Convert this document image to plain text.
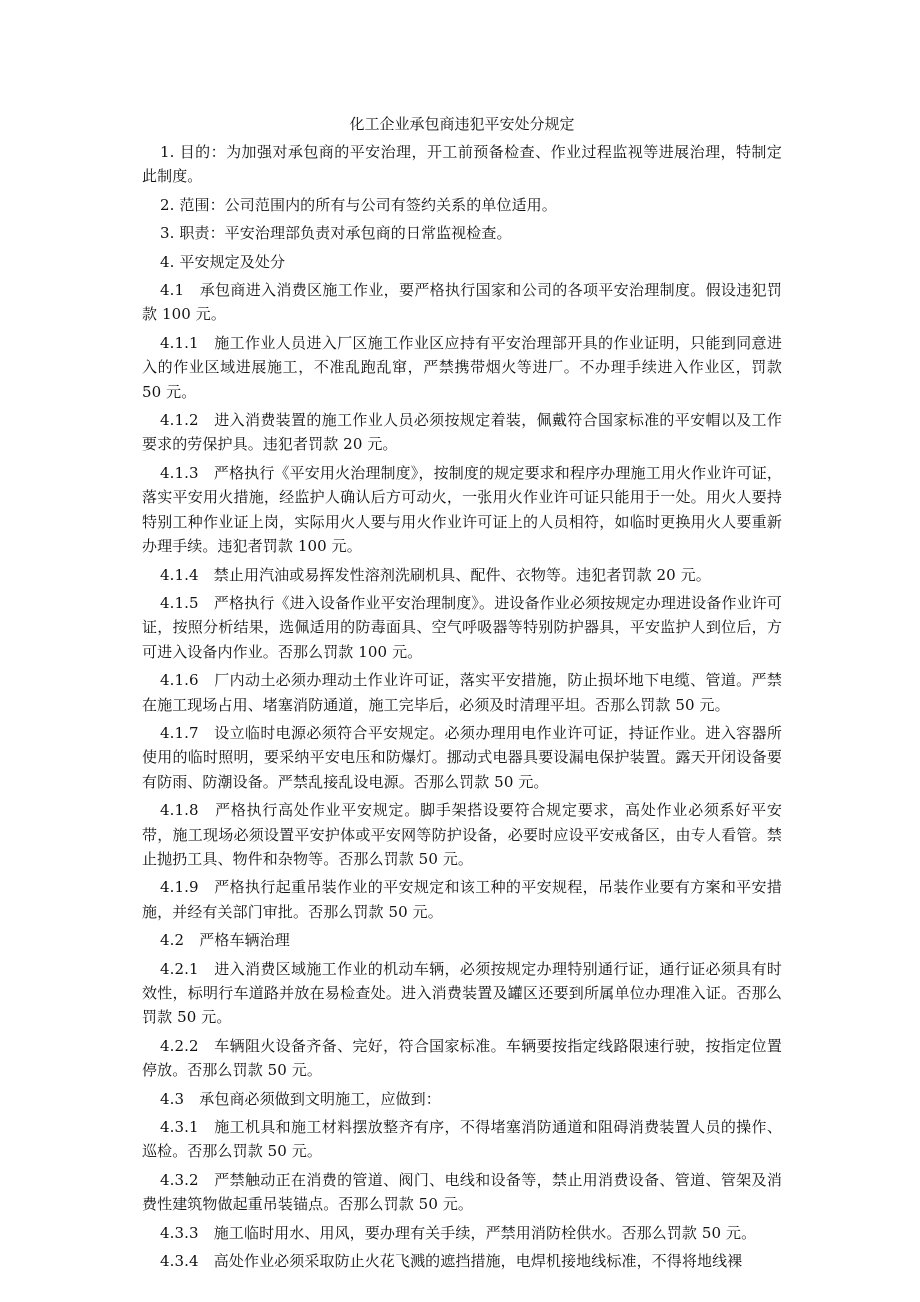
化工企业承包商违犯平安处分规定

1. 目的：为加强对承包商的平安治理，开工前预备检查、作业过程监视等进展治理，特制定此制度。

2. 范围：公司范围内的所有与公司有签约关系的单位适用。

3. 职责：平安治理部负责对承包商的日常监视检查。

4. 平安规定及处分

4.1　承包商进入消费区施工作业，要严格执行国家和公司的各项平安治理制度。假设违犯罚款 100 元。

4.1.1　施工作业人员进入厂区施工作业区应持有平安治理部开具的作业证明，只能到同意进入的作业区域进展施工，不准乱跑乱窜，严禁携带烟火等进厂。不办理手续进入作业区，罚款 50 元。

4.1.2　进入消费装置的施工作业人员必须按规定着装，佩戴符合国家标准的平安帽以及工作要求的劳保护具。违犯者罚款 20 元。

4.1.3　严格执行《平安用火治理制度》，按制度的规定要求和程序办理施工用火作业许可证，落实平安用火措施，经监护人确认后方可动火，一张用火作业许可证只能用于一处。用火人要持特别工种作业证上岗，实际用火人要与用火作业许可证上的人员相符，如临时更换用火人要重新办理手续。违犯者罚款 100 元。

4.1.4　禁止用汽油或易挥发性溶剂洗刷机具、配件、衣物等。违犯者罚款 20 元。

4.1.5　严格执行《进入设备作业平安治理制度》。进设备作业必须按规定办理进设备作业许可证，按照分析结果，选佩适用的防毒面具、空气呼吸器等特别防护器具，平安监护人到位后，方可进入设备内作业。否那么罚款 100 元。

4.1.6　厂内动土必须办理动土作业许可证，落实平安措施，防止损坏地下电缆、管道。严禁在施工现场占用、堵塞消防通道，施工完毕后，必须及时清理平坦。否那么罚款 50 元。

4.1.7　设立临时电源必须符合平安规定。必须办理用电作业许可证，持证作业。进入容器所使用的临时照明，要采纳平安电压和防爆灯。挪动式电器具要设漏电保护装置。露天开闭设备要有防雨、防潮设备。严禁乱接乱设电源。否那么罚款 50 元。

4.1.8　严格执行高处作业平安规定。脚手架搭设要符合规定要求，高处作业必须系好平安带，施工现场必须设置平安护体或平安网等防护设备，必要时应设平安戒备区，由专人看管。禁止抛扔工具、物件和杂物等。否那么罚款 50 元。

4.1.9　严格执行起重吊装作业的平安规定和该工种的平安规程，吊装作业要有方案和平安措施，并经有关部门审批。否那么罚款 50 元。

4.2　严格车辆治理

4.2.1　进入消费区域施工作业的机动车辆，必须按规定办理特别通行证，通行证必须具有时效性，标明行车道路并放在易检查处。进入消费装置及罐区还要到所属单位办理准入证。否那么罚款 50 元。

4.2.2　车辆阻火设备齐备、完好，符合国家标准。车辆要按指定线路限速行驶，按指定位置停放。否那么罚款 50 元。

4.3　承包商必须做到文明施工，应做到：

4.3.1　施工机具和施工材料摆放整齐有序，不得堵塞消防通道和阻碍消费装置人员的操作、巡检。否那么罚款 50 元。

4.3.2　严禁触动正在消费的管道、阀门、电线和设备等，禁止用消费设备、管道、管架及消费性建筑物做起重吊装锚点。否那么罚款 50 元。

4.3.3　施工临时用水、用风，要办理有关手续，严禁用消防栓供水。否那么罚款 50 元。

4.3.4　高处作业必须采取防止火花飞溅的遮挡措施，电焊机接地线标准，不得将地线裸
